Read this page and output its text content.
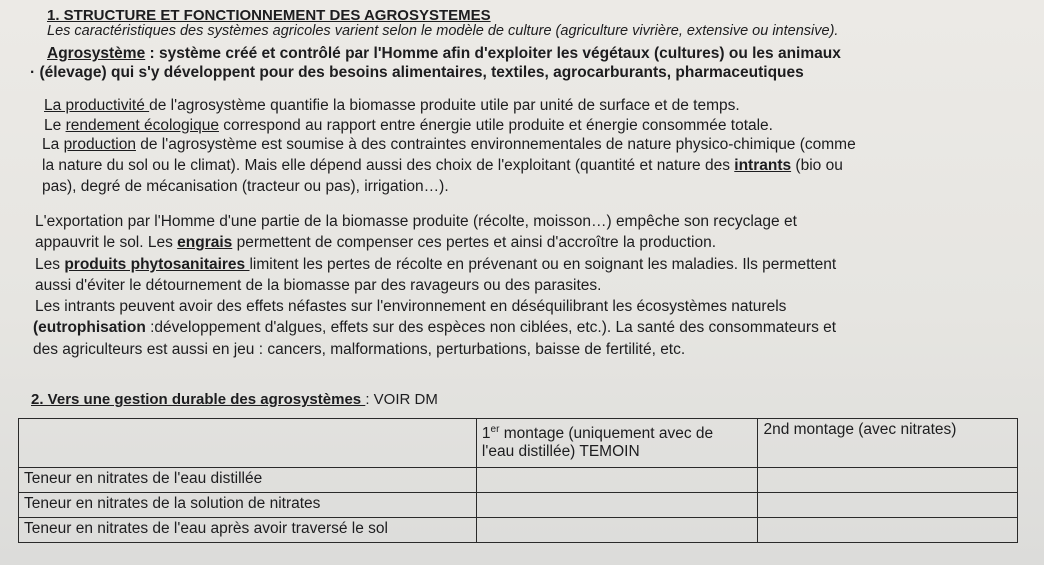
1. STRUCTURE ET FONCTIONNEMENT DES AGROSYSTEMES
Les caractéristiques des systèmes agricoles varient selon le modèle de culture (agriculture vivrière, extensive ou intensive).
Agrosystème : système créé et contrôlé par l'Homme afin d'exploiter les végétaux (cultures) ou les animaux
· (élevage) qui s'y développent pour des besoins alimentaires, textiles, agrocarburants, pharmaceutiques
La productivité de l'agrosystème quantifie la biomasse produite utile par unité de surface et de temps.
Le rendement écologique correspond au rapport entre énergie utile produite et énergie consommée totale.
La production de l'agrosystème est soumise à des contraintes environnementales de nature physico-chimique (comme
la nature du sol ou le climat). Mais elle dépend aussi des choix de l'exploitant (quantité et nature des intrants (bio ou
pas), degré de mécanisation (tracteur ou pas), irrigation…).
L'exportation par l'Homme d'une partie de la biomasse produite (récolte, moisson…) empêche son recyclage et
appauvrit le sol. Les engrais permettent de compenser ces pertes et ainsi d'accroître la production.
Les produits phytosanitaires limitent les pertes de récolte en prévenant ou en soignant les maladies. Ils permettent
aussi d'éviter le détournement de la biomasse par des ravageurs ou des parasites.
Les intrants peuvent avoir des effets néfastes sur l'environnement en déséquilibrant les écosystèmes naturels
(eutrophisation :développement d'algues, effets sur des espèces non ciblées, etc.). La santé des consommateurs et
des agriculteurs est aussi en jeu : cancers, malformations, perturbations, baisse de fertilité, etc.
2. Vers une gestion durable des agrosystèmes : VOIR DM
	1er montage (uniquement avec de
l'eau distillée) TEMOIN	2nd montage (avec nitrates)
Teneur en nitrates de l'eau distillée		
Teneur en nitrates de la solution de nitrates		
Teneur en nitrates de l'eau après avoir traversé le sol		
